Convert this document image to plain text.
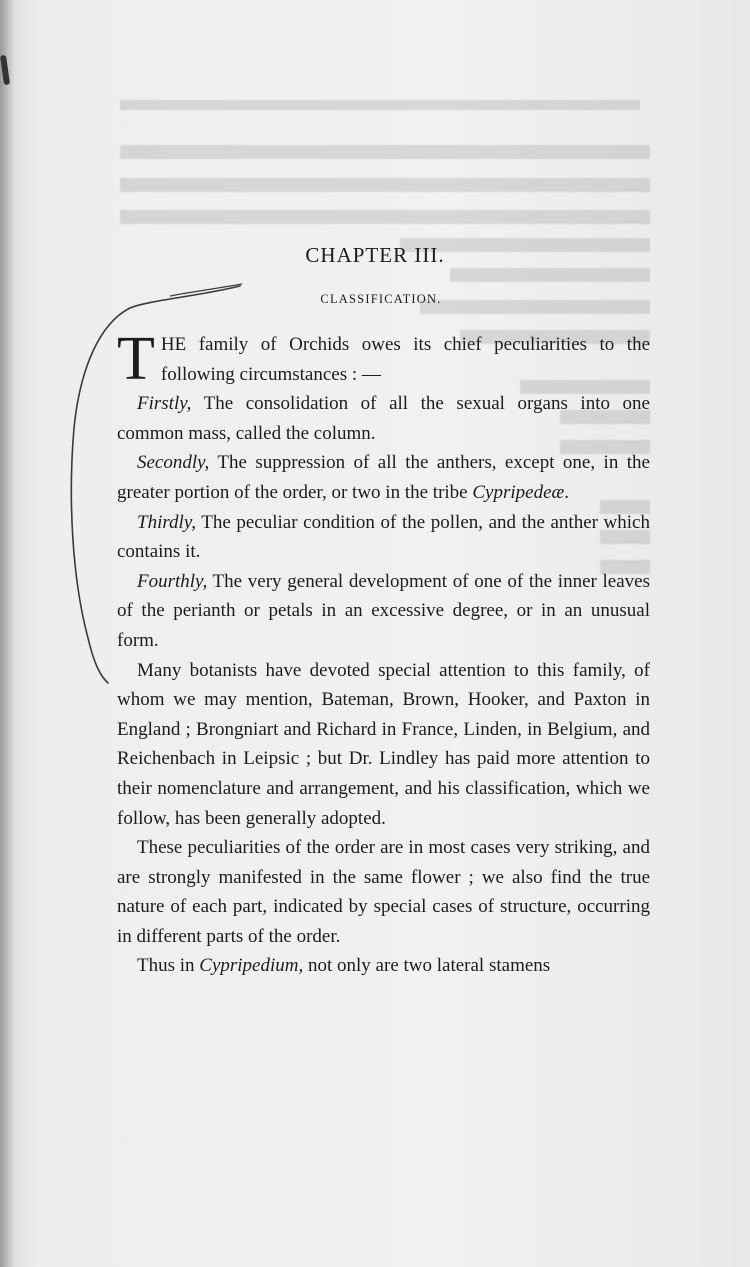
CHAPTER III.
CLASSIFICATION.

THE family of Orchids owes its chief peculiarities to the following circumstances : —

Firstly, The consolidation of all the sexual organs into one common mass, called the column.

Secondly, The suppression of all the anthers, except one, in the greater portion of the order, or two in the tribe Cypripedeæ.

Thirdly, The peculiar condition of the pollen, and the anther which contains it.

Fourthly, The very general development of one of the inner leaves of the perianth or petals in an excessive degree, or in an unusual form.

Many botanists have devoted special attention to this family, of whom we may mention, Bateman, Brown, Hooker, and Paxton in England ; Brongniart and Richard in France, Linden, in Belgium, and Reichenbach in Leipsic ; but Dr. Lindley has paid more attention to their nomenclature and arrangement, and his classification, which we follow, has been generally adopted.

These peculiarities of the order are in most cases very striking, and are strongly manifested in the same flower ; we also find the true nature of each part, indicated by special cases of structure, occurring in different parts of the order.

Thus in Cypripedium, not only are two lateral stamens
